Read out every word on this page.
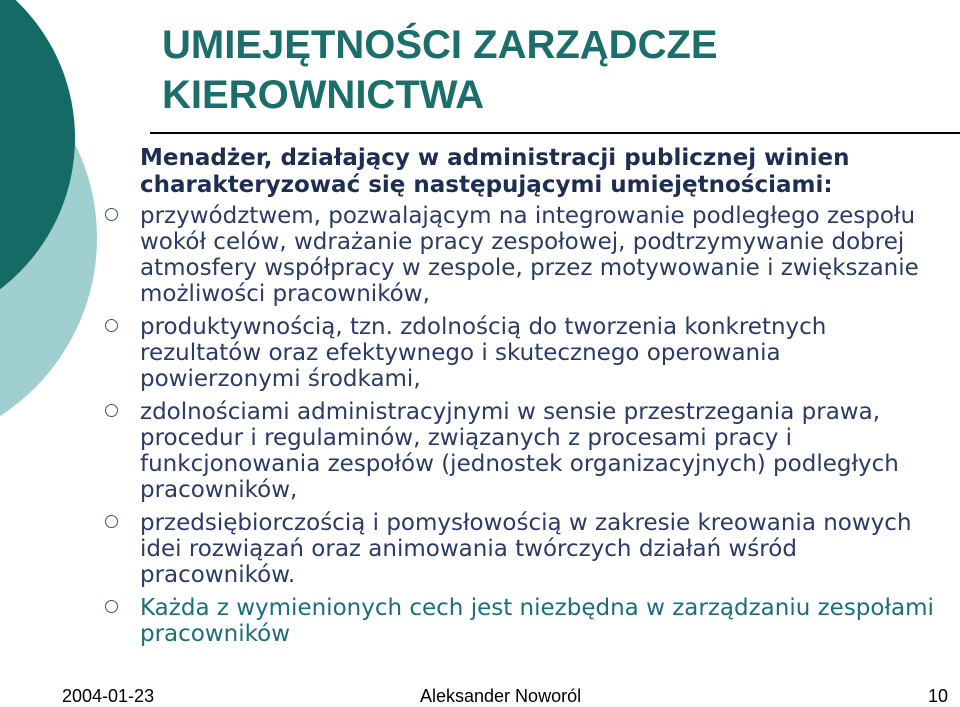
UMIEJĘTNOŚCI ZARZĄDCZE KIEROWNICTWA

Menadżer, działający w administracji publicznej winien charakteryzować się następującymi umiejętnościami:

przywództwem, pozwalającym na integrowanie podległego zespołu wokół celów, wdrażanie pracy zespołowej, podtrzymywanie dobrej atmosfery współpracy w zespole, przez motywowanie i zwiększanie możliwości pracowników,
produktywnością, tzn. zdolnością do tworzenia konkretnych rezultatów oraz efektywnego i skutecznego operowania powierzonymi środkami,
zdolnościami administracyjnymi w sensie przestrzegania prawa, procedur i regulaminów, związanych z procesami pracy i funkcjonowania zespołów (jednostek organizacyjnych) podległych pracowników,
przedsiębiorczością i pomysłowością w zakresie kreowania nowych idei rozwiązań oraz animowania twórczych działań wśród pracowników.
Każda z wymienionych cech jest niezbędna w zarządzaniu zespołami pracowników
2004-01-23	Aleksander Noworól	10
